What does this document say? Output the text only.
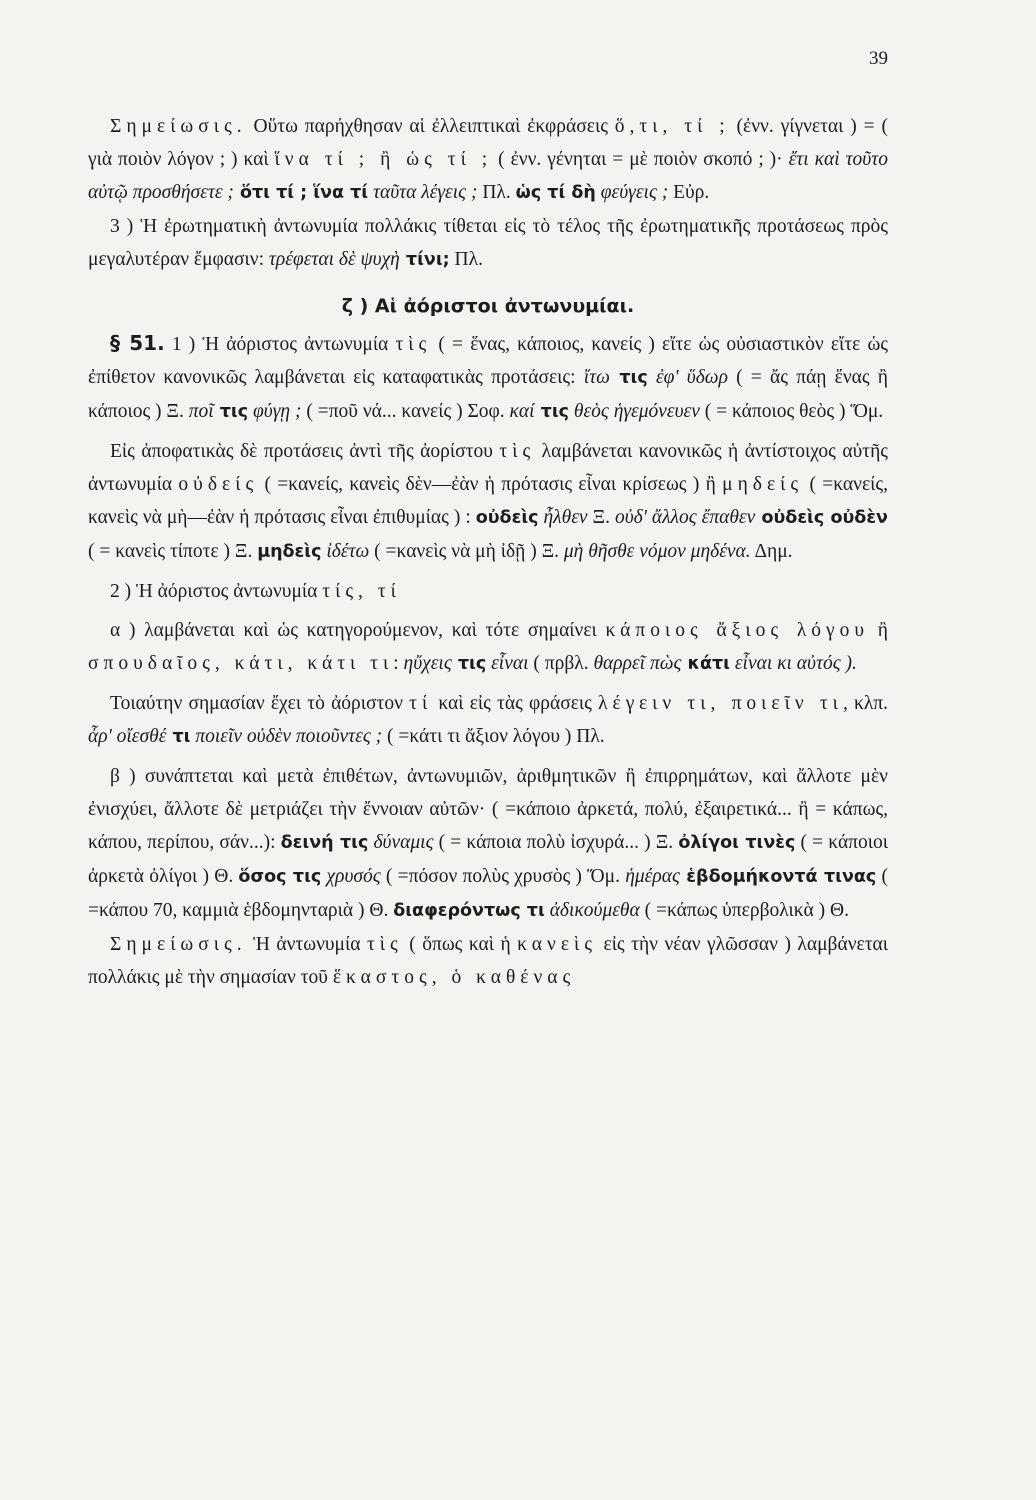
39

Σημείωσις. Οὕτω παρήχθησαν αἱ ἐλλειπτικαὶ ἐκφράσεις ὅ,τι, τί ; (ἐνν. γίγνεται ) = ( γιὰ ποιὸν λόγον ; ) καὶ ἵνα τί ; ἢ ὡς τί ; ( ἐνν. γένηται = μὲ ποιὸν σκοπό ; )· ἔτι καὶ τοῦτο αὐτῷ προσθήσετε ; ὅτι τί ; ἵνα τί ταῦτα λέγεις ; Πλ. ὡς τί δὴ φεύγεις ; Εὐρ.

3 ) Ἡ ἐρωτηματικὴ ἀντωνυμία πολλάκις τίθεται εἰς τὸ τέλος τῆς ἐρωτηματικῆς προτάσεως πρὸς μεγαλυτέραν ἔμφασιν: τρέφεται δὲ ψυχὴ τίνι; Πλ.

ζ ) Αἱ ἀόριστοι ἀντωνυμίαι.

§ 51. 1 ) Ἡ ἀόριστος ἀντωνυμία τὶς ( = ἕνας, κάποιος, κανείς ) εἴτε ὡς οὐσιαστικὸν εἴτε ὡς ἐπίθετον κανονικῶς λαμβάνεται εἰς καταφατικὰς προτάσεις: ἴτω τις ἐφ' ὕδωρ ( = ἄς πάῃ ἕνας ἢ κάποιος ) Ξ. ποῖ τις φύγῃ ; ( =ποῦ νά... κανείς ) Σοφ. καί τις θεὸς ἡγεμόνευεν ( = κάποιος θεὸς ) Ὅμ.

Εἰς ἀποφατικὰς δὲ προτάσεις ἀντὶ τῆς ἀορίστου τὶς λαμβάνεται κανονικῶς ἡ ἀντίστοιχος αὐτῆς ἀντωνυμία οὐδείς ( =κανείς, κανεὶς δὲν—ἐὰν ἡ πρότασις εἶναι κρίσεως ) ἢ μηδείς ( =κανείς, κανεὶς νὰ μὴ—ἐὰν ἡ πρότασις εἶναι ἐπιθυμίας ) : οὐδεὶς ἦλθεν Ξ. οὐδ' ἄλλος ἔπαθεν οὐδεὶς οὐδὲν ( = κανεὶς τίποτε ) Ξ. μηδεὶς ἰδέτω ( =κανεὶς νὰ μὴ ἰδῇ ) Ξ. μὴ θῆσθε νόμον μηδένα. Δημ.

2 ) Ἡ ἀόριστος ἀντωνυμία τίς, τί

α ) λαμβάνεται καὶ ὡς κατηγορούμενον, καὶ τότε σημαίνει κάποιος ἄξιος λόγου ἢ σπουδαῖος, κάτι, κάτι τι: ηὔχεις τις εἶναι ( πρβλ. θαρρεῖ πὼς κάτι εἶναι κι αὐτός ).

Τοιαύτην σημασίαν ἔχει τὸ ἀόριστον τί καὶ εἰς τὰς φράσεις λέγειν τι, ποιεῖν τι, κλπ. ἆρ' οἴεσθέ τι ποιεῖν οὐδὲν ποιοῦντες ; ( =κάτι τι ἄξιον λόγου ) Πλ.

β ) συνάπτεται καὶ μετὰ ἐπιθέτων, ἀντωνυμιῶν, ἀριθμητικῶν ἢ ἐπιρρημάτων, καὶ ἄλλοτε μὲν ἐνισχύει, ἄλλοτε δὲ μετριάζει τὴν ἔννοιαν αὐτῶν· ( =κάποιο ἀρκετά, πολύ, ἐξαιρετικά... ἢ = κάπως, κάπου, περίπου, σάν...): δεινή τις δύναμις ( = κάποια πολὺ ἰσχυρά... ) Ξ. ὀλίγοι τινὲς ( = κάποιοι ἀρκετὰ ὀλίγοι ) Θ. ὅσος τις χρυσός ( =πόσον πολὺς χρυσὸς ) Ὅμ. ἡμέρας ἑβδομήκοντά τινας ( =κάπου 70, καμμιὰ ἑβδομηνταριὰ ) Θ. διαφερόντως τι ἀδικούμεθα ( =κάπως ὑπερβολικὰ ) Θ.

Σημείωσις. Ἡ ἀντωνυμία τὶς ( ὅπως καὶ ἡ κανεὶς εἰς τὴν νέαν γλῶσσαν ) λαμβάνεται πολλάκις μὲ τὴν σημασίαν τοῦ ἕκαστος, ὁ καθένας
